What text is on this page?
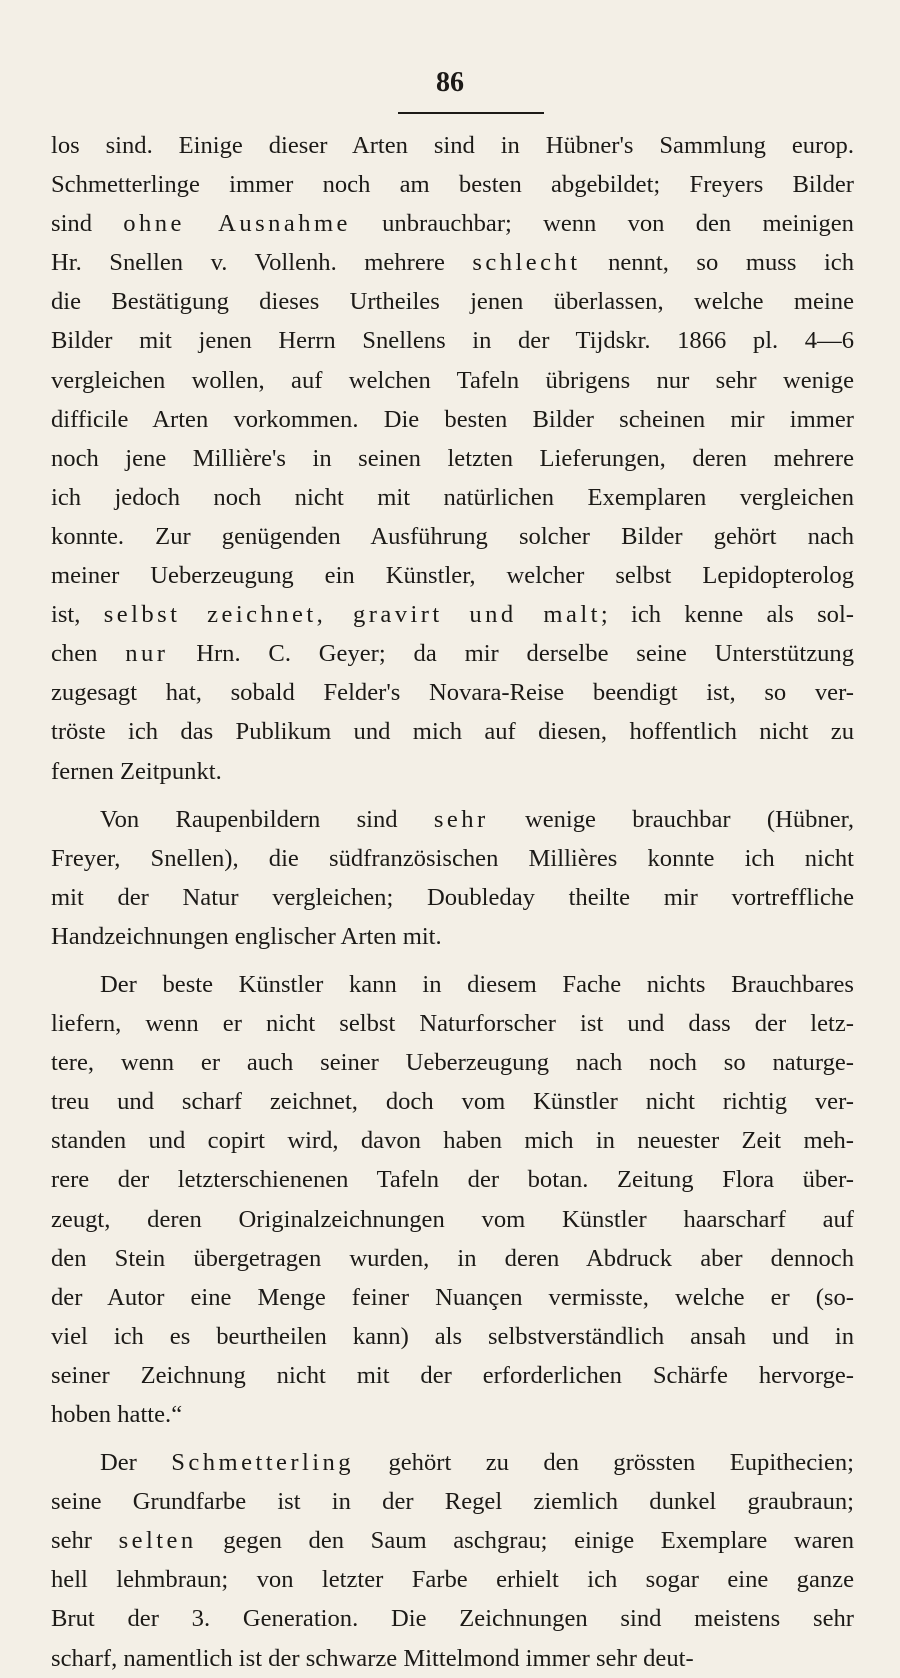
86
los sind. Einige dieser Arten sind in Hübner's Sammlung europ.
Schmetterlinge immer noch am besten abgebildet; Freyers Bilder
sind ohne Ausnahme unbrauchbar; wenn von den meinigen
Hr. Snellen v. Vollenh. mehrere schlecht nennt, so muss ich
die Bestätigung dieses Urtheiles jenen überlassen, welche meine
Bilder mit jenen Herrn Snellens in der Tijdskr. 1866 pl. 4—6
vergleichen wollen, auf welchen Tafeln übrigens nur sehr wenige
difficile Arten vorkommen. Die besten Bilder scheinen mir immer
noch jene Millière's in seinen letzten Lieferungen, deren mehrere
ich jedoch noch nicht mit natürlichen Exemplaren vergleichen
konnte. Zur genügenden Ausführung solcher Bilder gehört nach
meiner Ueberzeugung ein Künstler, welcher selbst Lepidopterolog
ist, selbst zeichnet, gravirt und malt; ich kenne als sol-
chen nur Hrn. C. Geyer; da mir derselbe seine Unterstützung
zugesagt hat, sobald Felder's Novara-Reise beendigt ist, so ver-
tröste ich das Publikum und mich auf diesen, hoffentlich nicht zu
fernen Zeitpunkt.
Von Raupenbildern sind sehr wenige brauchbar (Hübner,
Freyer, Snellen), die südfranzösischen Millières konnte ich nicht
mit der Natur vergleichen; Doubleday theilte mir vortreffliche
Handzeichnungen englischer Arten mit.
Der beste Künstler kann in diesem Fache nichts Brauchbares
liefern, wenn er nicht selbst Naturforscher ist und dass der letz-
tere, wenn er auch seiner Ueberzeugung nach noch so naturge-
treu und scharf zeichnet, doch vom Künstler nicht richtig ver-
standen und copirt wird, davon haben mich in neuester Zeit meh-
rere der letzterschienenen Tafeln der botan. Zeitung Flora über-
zeugt, deren Originalzeichnungen vom Künstler haarscharf auf
den Stein übergetragen wurden, in deren Abdruck aber dennoch
der Autor eine Menge feiner Nuançen vermisste, welche er (so-
viel ich es beurtheilen kann) als selbstverständlich ansah und in
seiner Zeichnung nicht mit der erforderlichen Schärfe hervorge-
hoben hatte.“
Der Schmetterling gehört zu den grössten Eupithecien;
seine Grundfarbe ist in der Regel ziemlich dunkel graubraun;
sehr selten gegen den Saum aschgrau; einige Exemplare waren
hell lehmbraun; von letzter Farbe erhielt ich sogar eine ganze
Brut der 3. Generation. Die Zeichnungen sind meistens sehr
scharf, namentlich ist der schwarze Mittelmond immer sehr deut-
